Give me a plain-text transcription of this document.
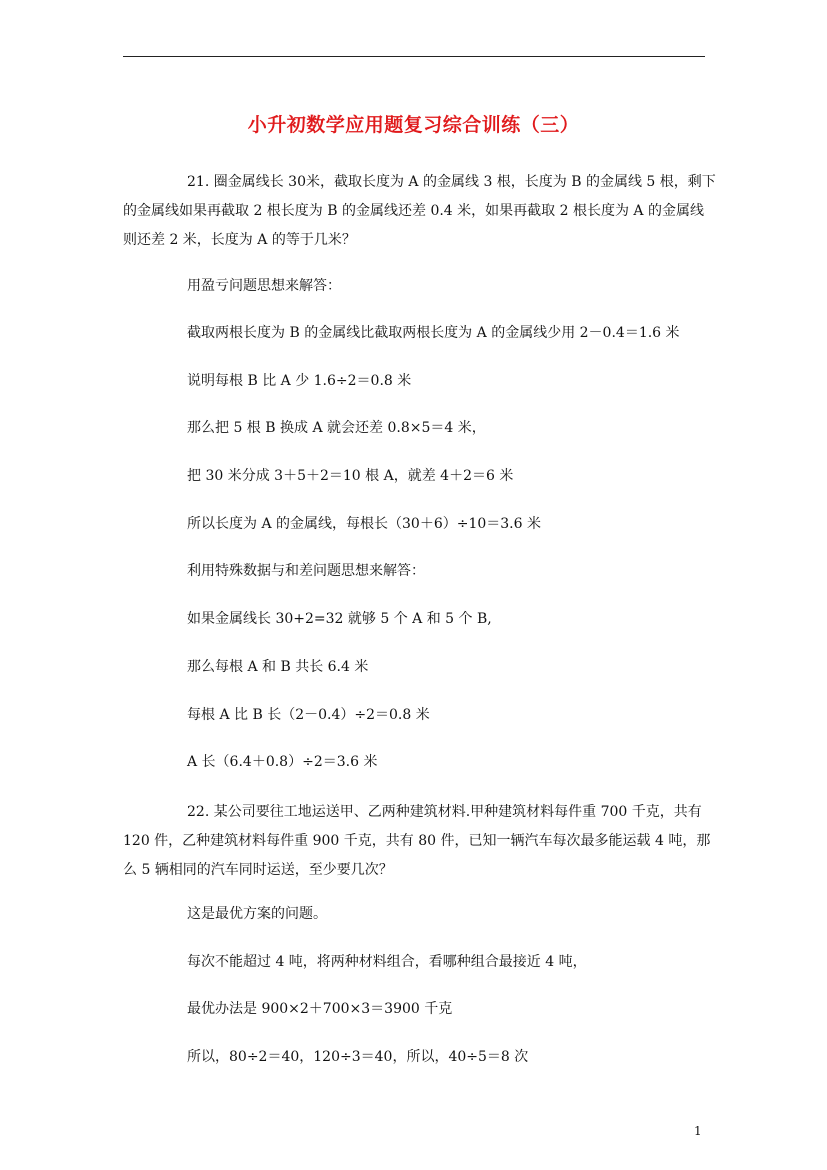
小升初数学应用题复习综合训练（三）

21. 圈金属线长 30米，截取长度为 A 的金属线 3 根，长度为 B 的金属线 5 根，剩下的金属线如果再截取 2 根长度为 B 的金属线还差 0.4 米，如果再截取 2 根长度为 A 的金属线则还差 2 米，长度为 A 的等于几米？

用盈亏问题思想来解答：
截取两根长度为 B 的金属线比截取两根长度为 A 的金属线少用 2－0.4＝1.6 米
说明每根 B 比 A 少 1.6÷2＝0.8 米
那么把 5 根 B 换成 A 就会还差 0.8×5＝4 米，
把 30 米分成 3＋5＋2＝10 根 A，就差 4＋2＝6 米
所以长度为 A 的金属线，每根长（30＋6）÷10＝3.6 米
利用特殊数据与和差问题思想来解答：
如果金属线长 30+2=32 就够 5 个 A 和 5 个 B,
那么每根 A 和 B 共长 6.4 米
每根 A 比 B 长（2－0.4）÷2＝0.8 米
A 长（6.4＋0.8）÷2＝3.6 米

22. 某公司要往工地运送甲、乙两种建筑材料.甲种建筑材料每件重 700 千克，共有 120 件，乙种建筑材料每件重 900 千克，共有 80 件，已知一辆汽车每次最多能运载 4 吨，那么 5 辆相同的汽车同时运送，至少要几次？

这是最优方案的问题。
每次不能超过 4 吨，将两种材料组合，看哪种组合最接近 4 吨，
最优办法是 900×2＋700×3＝3900 千克
所以，80÷2＝40，120÷3＝40，所以，40÷5＝8 次
1
